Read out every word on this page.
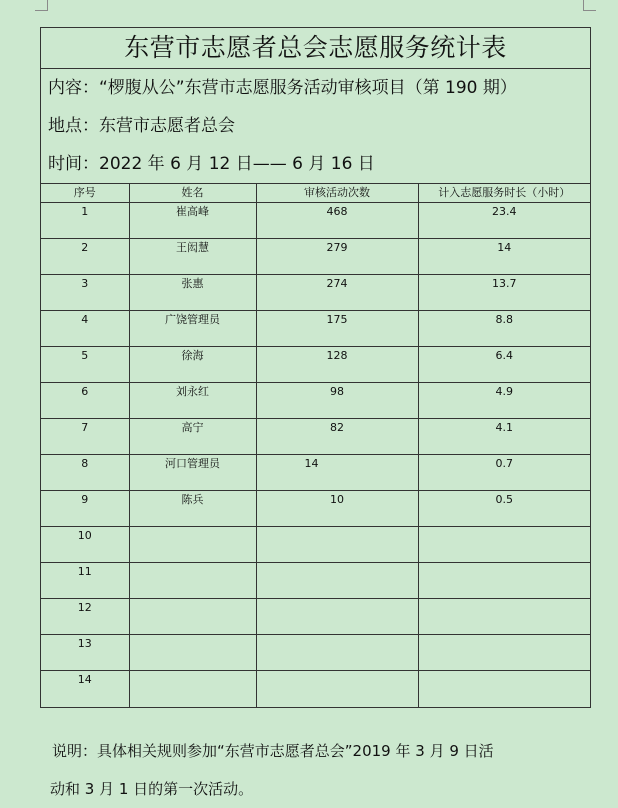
东营市志愿者总会志愿服务统计表
内容：“椤腹从公”东营市志愿服务活动审核项目（第 190 期）
地点：东营市志愿者总会
时间：2022 年 6 月 12 日—— 6 月 16 日
序号	姓名	审核活动次数	计入志愿服务时长（小时）
1	崔高峰	468	23.4
2	王闳慧	279	14
3	张惠	274	13.7
4	广饶管理员	175	8.8
5	徐海	128	6.4
6	刘永红	98	4.9
7	高宁	82	4.1
8	河口管理员	14	0.7
9	陈兵	10	0.5
10			
11			
12			
13			
14			
说明：具体相关规则参加“东营市志愿者总会”2019 年 3 月 9 日活
动和 3 月 1 日的第一次活动。
